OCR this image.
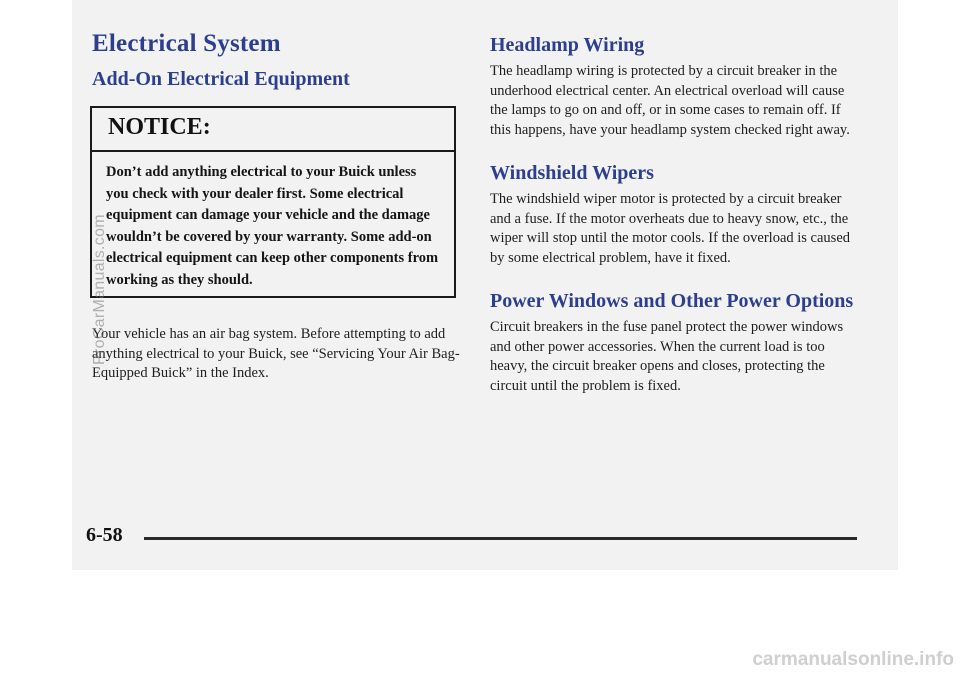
Electrical System
Add-On Electrical Equipment
NOTICE:
Don’t add anything electrical to your Buick unless you check with your dealer first. Some electrical equipment can damage your vehicle and the damage wouldn’t be covered by your warranty. Some add-on electrical equipment can keep other components from working as they should.

Your vehicle has an air bag system. Before attempting to add anything electrical to your Buick, see “Servicing Your Air Bag-Equipped Buick” in the Index.

Headlamp Wiring

The headlamp wiring is protected by a circuit breaker in the underhood electrical center. An electrical overload will cause the lamps to go on and off, or in some cases to remain off. If this happens, have your headlamp system checked right away.

Windshield Wipers

The windshield wiper motor is protected by a circuit breaker and a fuse. If the motor overheats due to heavy snow, etc., the wiper will stop until the motor cools. If the overload is caused by some electrical problem, have it fixed.

Power Windows and Other Power Options

Circuit breakers in the fuse panel protect the power windows and other power accessories. When the current load is too heavy, the circuit breaker opens and closes, protecting the circuit until the problem is fixed.

6-58
ProCarManuals.com
carmanualsonline.info
